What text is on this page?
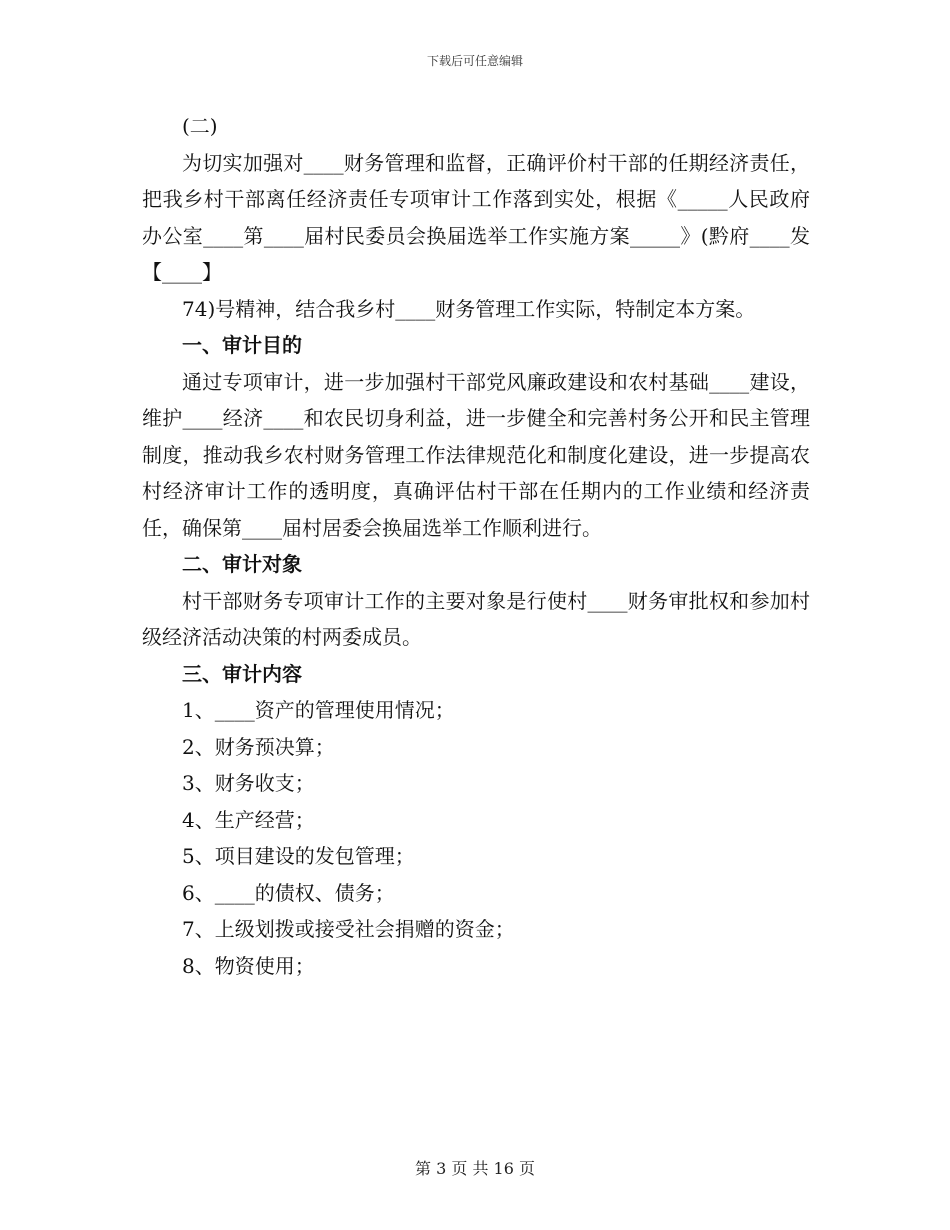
下载后可任意编辑

(二)

为切实加强对____财务管理和监督，正确评价村干部的任期经济责任，把我乡村干部离任经济责任专项审计工作落到实处，根据《_____人民政府办公室____第____届村民委员会换届选举工作实施方案_____》(黔府____发【____】

74)号精神，结合我乡村____财务管理工作实际，特制定本方案。

一、审计目的

通过专项审计，进一步加强村干部党风廉政建设和农村基础____建设，维护____经济____和农民切身利益，进一步健全和完善村务公开和民主管理制度，推动我乡农村财务管理工作法律规范化和制度化建设，进一步提高农村经济审计工作的透明度，真确评估村干部在任期内的工作业绩和经济责任，确保第____届村居委会换届选举工作顺利进行。

二、审计对象

村干部财务专项审计工作的主要对象是行使村____财务审批权和参加村级经济活动决策的村两委成员。

三、审计内容

1、____资产的管理使用情况；

2、财务预决算；

3、财务收支；

4、生产经营；

5、项目建设的发包管理；

6、____的债权、债务；

7、上级划拨或接受社会捐赠的资金；

8、物资使用；

第 3 页 共 16 页
